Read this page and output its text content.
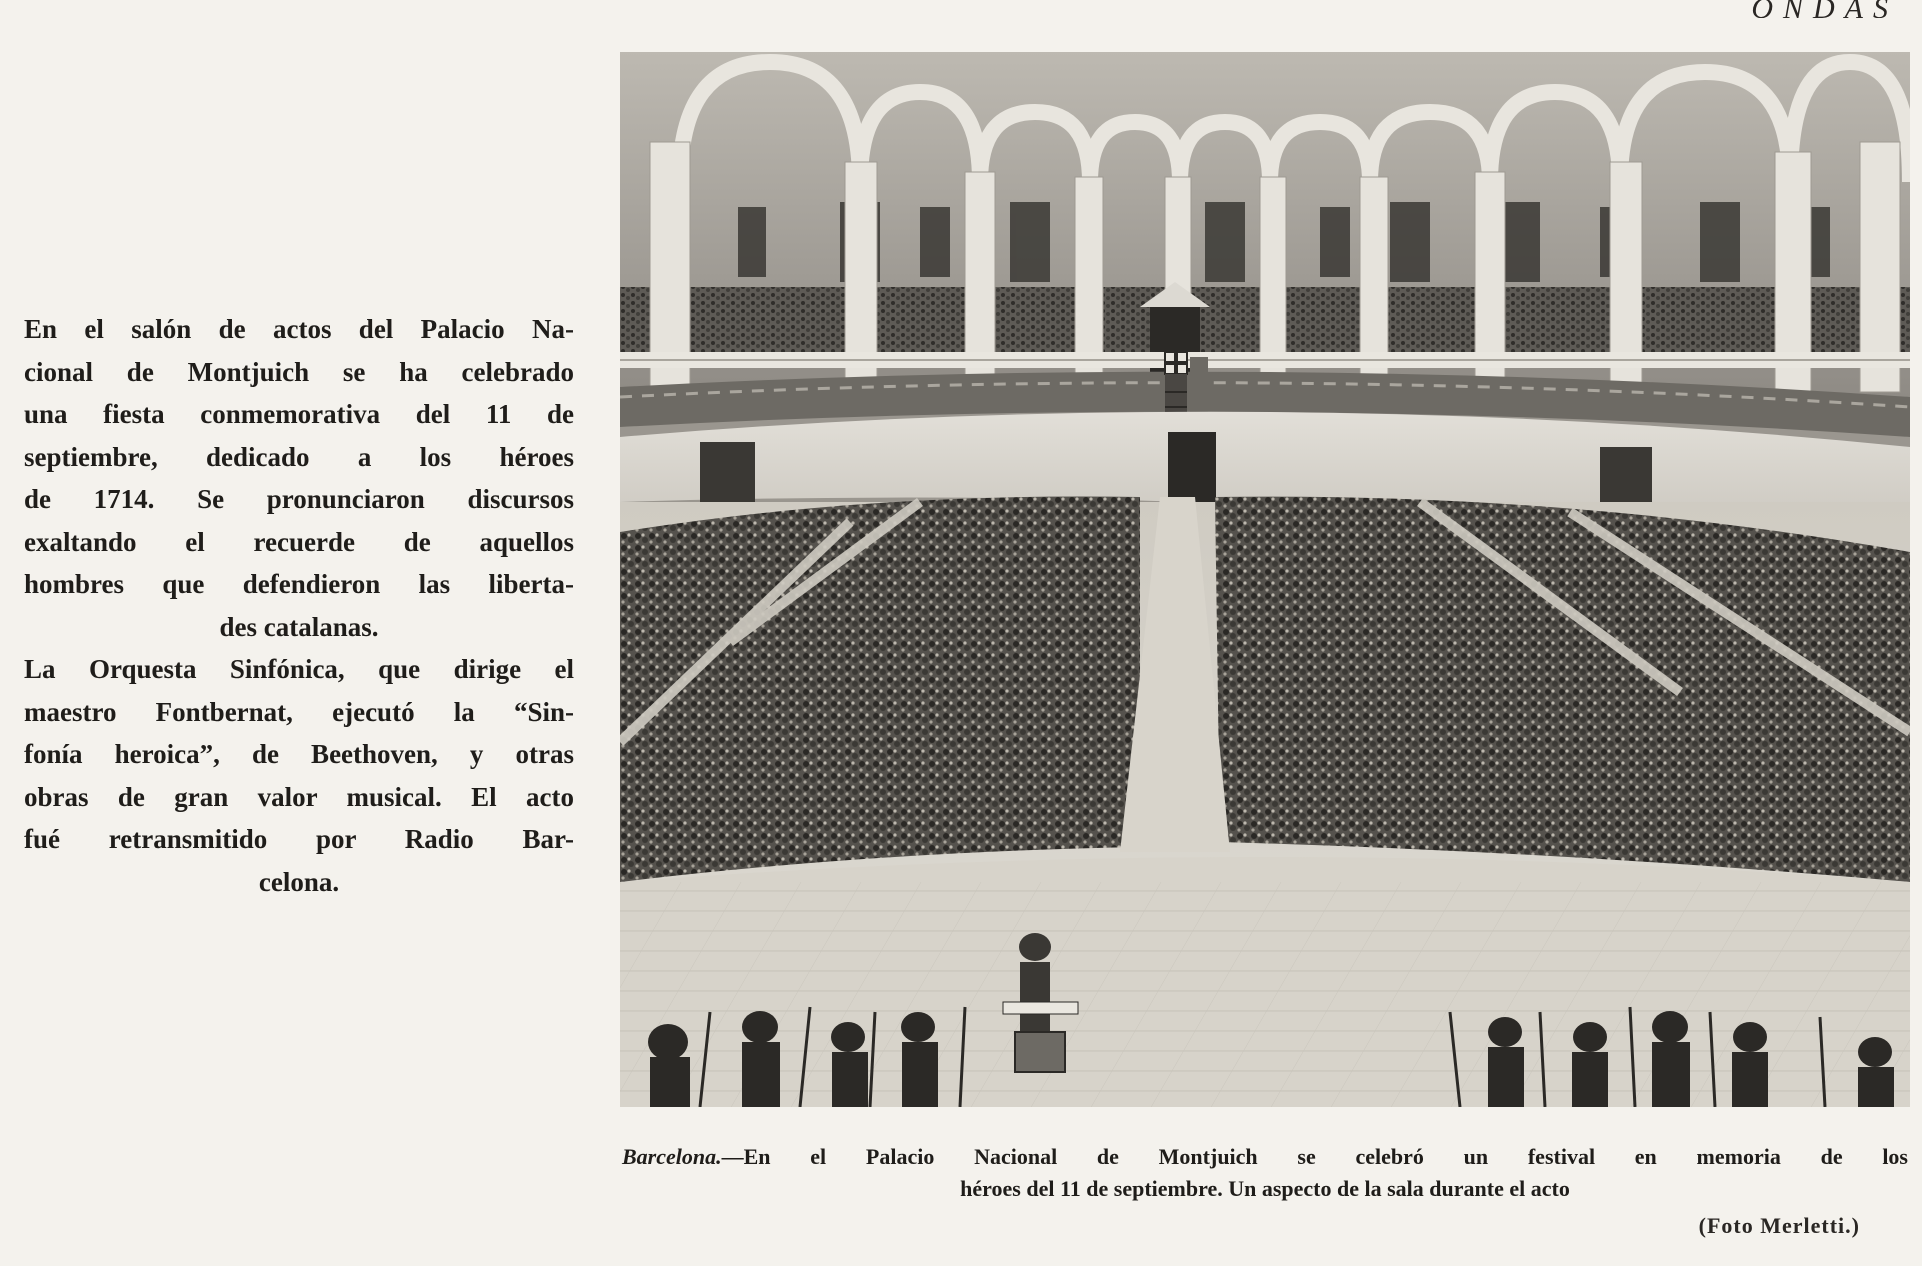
ONDAS
En el salón de actos del Palacio Na-
cional de Montjuich se ha celebrado
una fiesta conmemorativa del 11 de
septiembre, dedicado a los héroes
de 1714. Se pronunciaron discursos
exaltando el recuerde de aquellos
hombres que defendieron las liberta-
des catalanas.
La Orquesta Sinfónica, que dirige el
maestro Fontbernat, ejecutó la “Sin-
fonía heroica”, de Beethoven, y otras
obras de gran valor musical. El acto
fué retransmitido por Radio Bar-
celona.
Barcelona.—En el Palacio Nacional de Montjuich se celebró un festival en memoria de los
héroes del 11 de septiembre. Un aspecto de la sala durante el acto
(Foto Merletti.)
